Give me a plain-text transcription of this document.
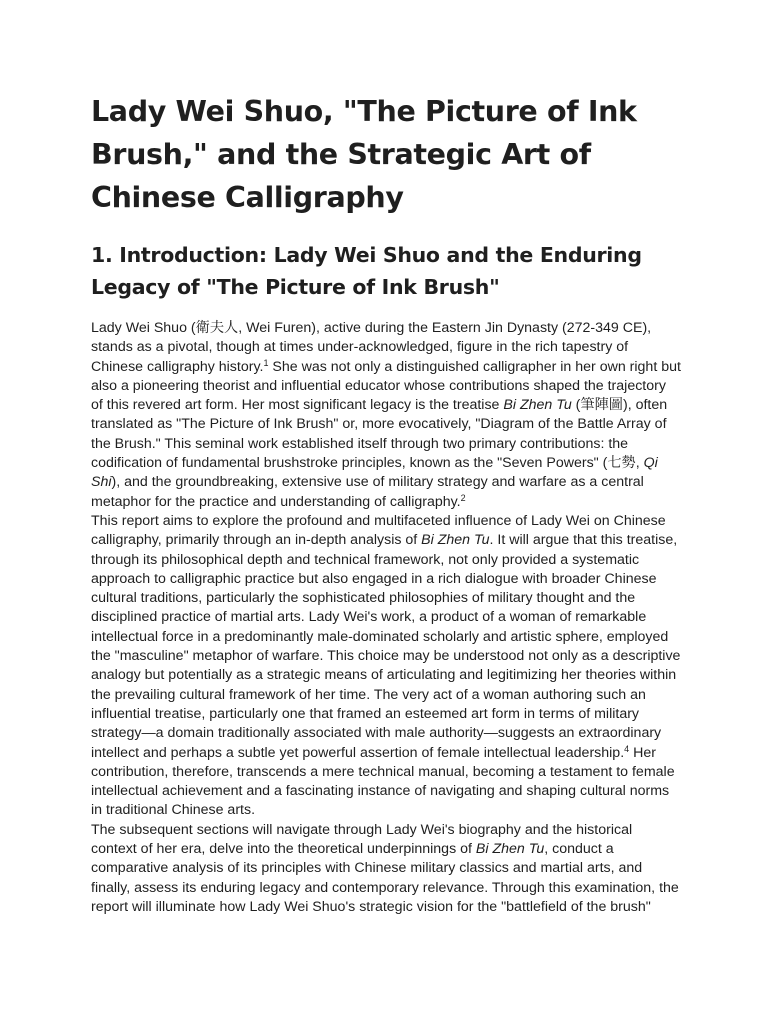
Lady Wei Shuo, "The Picture of Ink Brush," and the Strategic Art of Chinese Calligraphy
1. Introduction: Lady Wei Shuo and the Enduring Legacy of "The Picture of Ink Brush"

Lady Wei Shuo (衛夫人, Wei Furen), active during the Eastern Jin Dynasty (272-349 CE), stands as a pivotal, though at times under-acknowledged, figure in the rich tapestry of Chinese calligraphy history.$^1$ She was not only a distinguished calligrapher in her own right but also a pioneering theorist and influential educator whose contributions shaped the trajectory of this revered art form. Her most significant legacy is the treatise Bi Zhen Tu (筆陣圖), often translated as "The Picture of Ink Brush" or, more evocatively, "Diagram of the Battle Array of the Brush." This seminal work established itself through two primary contributions: the codification of fundamental brushstroke principles, known as the "Seven Powers" (七勢, Qi Shi), and the groundbreaking, extensive use of military strategy and warfare as a central metaphor for the practice and understanding of calligraphy.$^2$

This report aims to explore the profound and multifaceted influence of Lady Wei on Chinese calligraphy, primarily through an in-depth analysis of Bi Zhen Tu. It will argue that this treatise, through its philosophical depth and technical framework, not only provided a systematic approach to calligraphic practice but also engaged in a rich dialogue with broader Chinese cultural traditions, particularly the sophisticated philosophies of military thought and the disciplined practice of martial arts. Lady Wei's work, a product of a woman of remarkable intellectual force in a predominantly male-dominated scholarly and artistic sphere, employed the "masculine" metaphor of warfare. This choice may be understood not only as a descriptive analogy but potentially as a strategic means of articulating and legitimizing her theories within the prevailing cultural framework of her time. The very act of a woman authoring such an influential treatise, particularly one that framed an esteemed art form in terms of military strategy—a domain traditionally associated with male authority—suggests an extraordinary intellect and perhaps a subtle yet powerful assertion of female intellectual leadership.$^4$ Her contribution, therefore, transcends a mere technical manual, becoming a testament to female intellectual achievement and a fascinating instance of navigating and shaping cultural norms in traditional Chinese arts.

The subsequent sections will navigate through Lady Wei's biography and the historical context of her era, delve into the theoretical underpinnings of Bi Zhen Tu, conduct a comparative analysis of its principles with Chinese military classics and martial arts, and finally, assess its enduring legacy and contemporary relevance. Through this examination, the report will illuminate how Lady Wei Shuo's strategic vision for the "battlefield of the brush"
